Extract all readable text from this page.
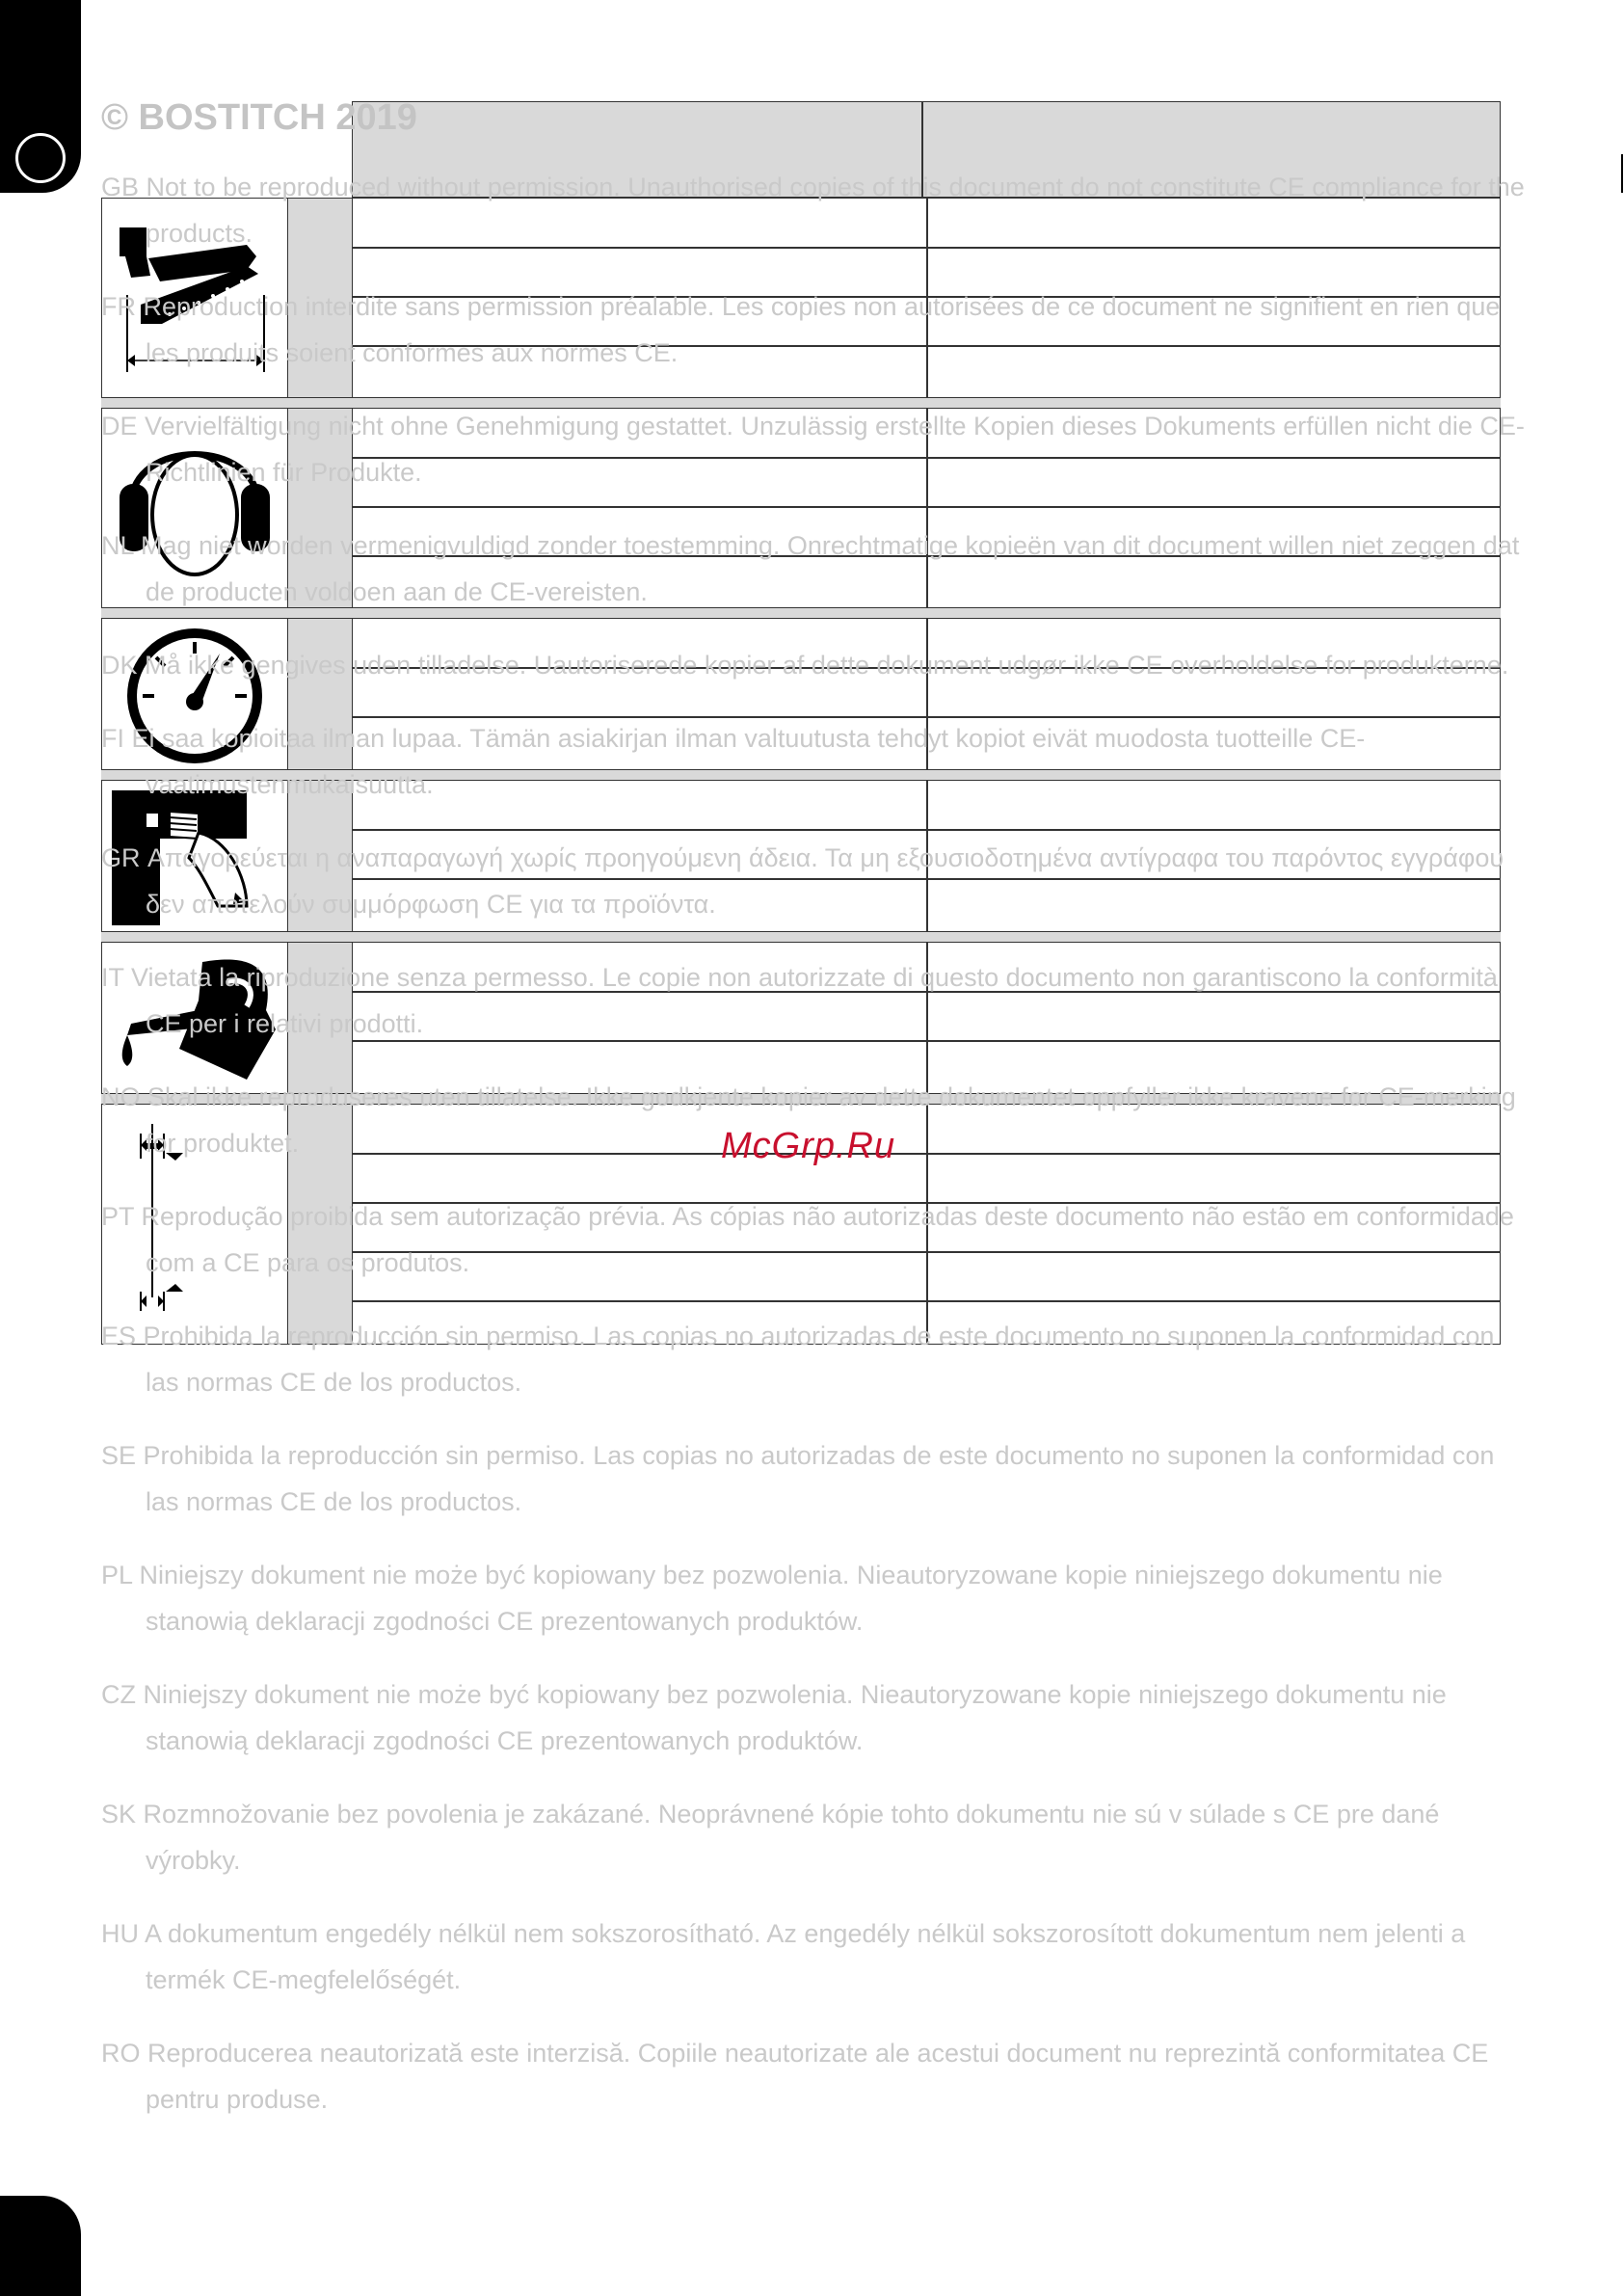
© BOSTITCH 2019

GB Not to be reproduced without permission. Unauthorised copies of this document do not constitute CE compliance for the products.

FR Reproduction interdite sans permission préalable. Les copies non autorisées de ce document ne signifient en rien que les produits soient conformes aux normes CE.

DE Vervielfältigung nicht ohne Genehmigung gestattet. Unzulässig erstellte Kopien dieses Dokuments erfüllen nicht die CE-Richtlinien für Produkte.

NL Mag niet worden vermenigvuldigd zonder toestemming. Onrechtmatige kopieën van dit document willen niet zeggen dat de producten voldoen aan de CE-vereisten.

DK Må ikke gengives uden tilladelse. Uautoriserede kopier af dette dokument udgør ikke CE overholdelse for produkterne.

FI Ei saa kopioitaa ilman lupaa. Tämän asiakirjan ilman valtuutusta tehdyt kopiot eivät muodosta tuotteille CE-vaatimustenmukaisuutta.

GR Απαγορεύεται η αναπαραγωγή χωρίς προηγούμενη άδεια. Τα μη εξουσιοδοτημένα αντίγραφα του παρόντος εγγράφου δεν αποτελούν συμμόρφωση CE για τα προϊόντα.

IT Vietata la riproduzione senza permesso. Le copie non autorizzate di questo documento non garantiscono la conformità CE per i relativi prodotti.

NO Skal ikke reproduseres uten tillatelse. Ikke godkjente kopier av dette dokumentet oppfyller ikke kravene for CE-merking for produktet.

PT Reprodução proibida sem autorização prévia. As cópias não autorizadas deste documento não estão em conformidade com a CE para os produtos.

ES Prohibida la reproducción sin permiso. Las copias no autorizadas de este documento no suponen la conformidad con las normas CE de los productos.

SE Prohibida la reproducción sin permiso. Las copias no autorizadas de este documento no suponen la conformidad con las normas CE de los productos.

PL Niniejszy dokument nie może być kopiowany bez pozwolenia. Nieautoryzowane kopie niniejszego dokumentu nie stanowią deklaracji zgodności CE prezentowanych produktów.

CZ Niniejszy dokument nie może być kopiowany bez pozwolenia. Nieautoryzowane kopie niniejszego dokumentu nie stanowią deklaracji zgodności CE prezentowanych produktów.

SK Rozmnožovanie bez povolenia je zakázané. Neoprávnené kópie tohto dokumentu nie sú v súlade s CE pre dané výrobky.

HU A dokumentum engedély nélkül nem sokszorosítható. Az engedély nélkül sokszorosított dokumentum nem jelenti a termék CE-megfelelőségét.

RO Reproducerea neautorizată este interzisă. Copiile neautorizate ale acestui document nu reprezintă conformitatea CE pentru produse.

McGrp.Ru
